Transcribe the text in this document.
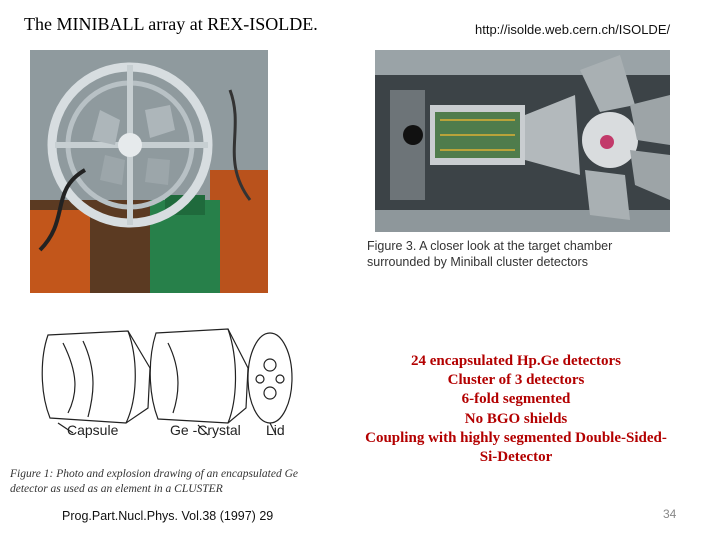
The MINIBALL array at REX-ISOLDE.	http://isolde.web.cern.ch/ISOLDE/
Figure 3. A closer look at the target chamber
surrounded by Miniball cluster detectors
Capsule	Ge -Crystal Lid
Figure 1: Photo and explosion drawing of an encapsulated Ge
detector as used as an element in a CLUSTER
24 encapsulated Hp.Ge detectors
Cluster of 3 detectors
6-fold segmented
No BGO shields
Coupling with highly segmented Double-Sided-
Si-Detector
Prog.Part.Nucl.Phys. Vol.38 (1997) 29	34
